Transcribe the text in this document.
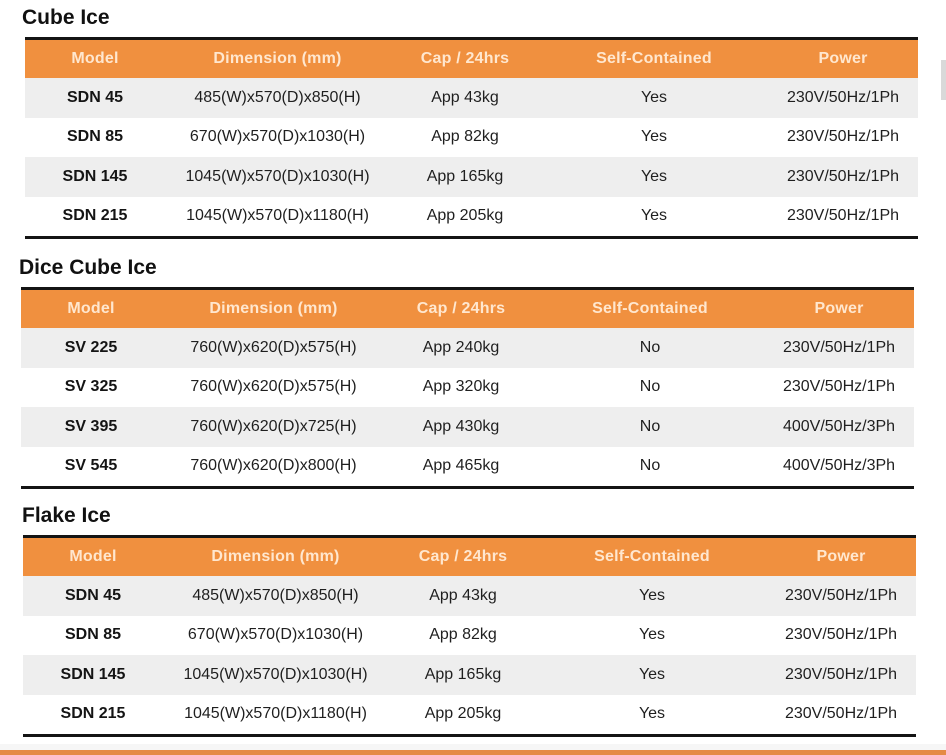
Cube Ice
Model	Dimension (mm)	Cap / 24hrs	Self-Contained	Power
SDN 45	485(W)x570(D)x850(H)	App 43kg	Yes	230V/50Hz/1Ph
SDN 85	670(W)x570(D)x1030(H)	App 82kg	Yes	230V/50Hz/1Ph
SDN 145	1045(W)x570(D)x1030(H)	App 165kg	Yes	230V/50Hz/1Ph
SDN 215	1045(W)x570(D)x1180(H)	App 205kg	Yes	230V/50Hz/1Ph
Dice Cube Ice
Model	Dimension (mm)	Cap / 24hrs	Self-Contained	Power
SV 225	760(W)x620(D)x575(H)	App 240kg	No	230V/50Hz/1Ph
SV 325	760(W)x620(D)x575(H)	App 320kg	No	230V/50Hz/1Ph
SV 395	760(W)x620(D)x725(H)	App 430kg	No	400V/50Hz/3Ph
SV 545	760(W)x620(D)x800(H)	App 465kg	No	400V/50Hz/3Ph
Flake Ice
Model	Dimension (mm)	Cap / 24hrs	Self-Contained	Power
SDN 45	485(W)x570(D)x850(H)	App 43kg	Yes	230V/50Hz/1Ph
SDN 85	670(W)x570(D)x1030(H)	App 82kg	Yes	230V/50Hz/1Ph
SDN 145	1045(W)x570(D)x1030(H)	App 165kg	Yes	230V/50Hz/1Ph
SDN 215	1045(W)x570(D)x1180(H)	App 205kg	Yes	230V/50Hz/1Ph
